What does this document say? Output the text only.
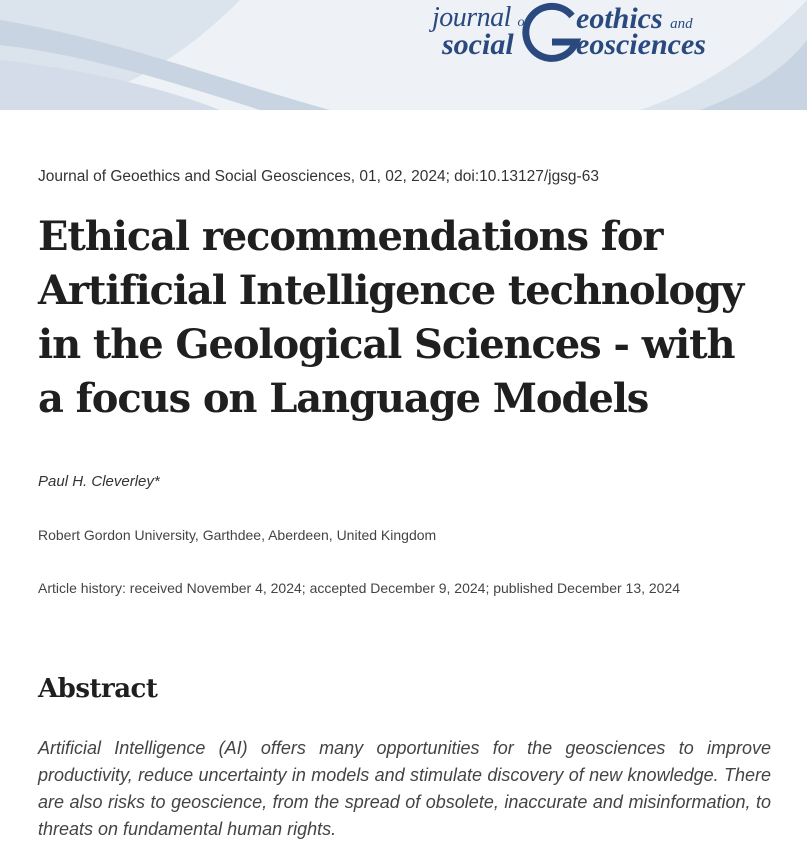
journal of
social
eothics and
eosciences
Journal of Geoethics and Social Geosciences, 01, 02, 2024; doi:10.13127/jgsg-63
Ethical recommendations for
Artificial Intelligence technology
in the Geological Sciences - with
a focus on Language Models
Paul H. Cleverley*
Robert Gordon University, Garthdee, Aberdeen, United Kingdom
Article history: received November 4, 2024; accepted December 9, 2024; published December 13, 2024
Abstract

Artificial Intelligence (AI) offers many opportunities for the geosciences to improve productivity, reduce uncertainty in models and stimulate discovery of new knowledge. There are also risks to geoscience, from the spread of obsolete, inaccurate and misinformation, to threats on fundamental human rights.
